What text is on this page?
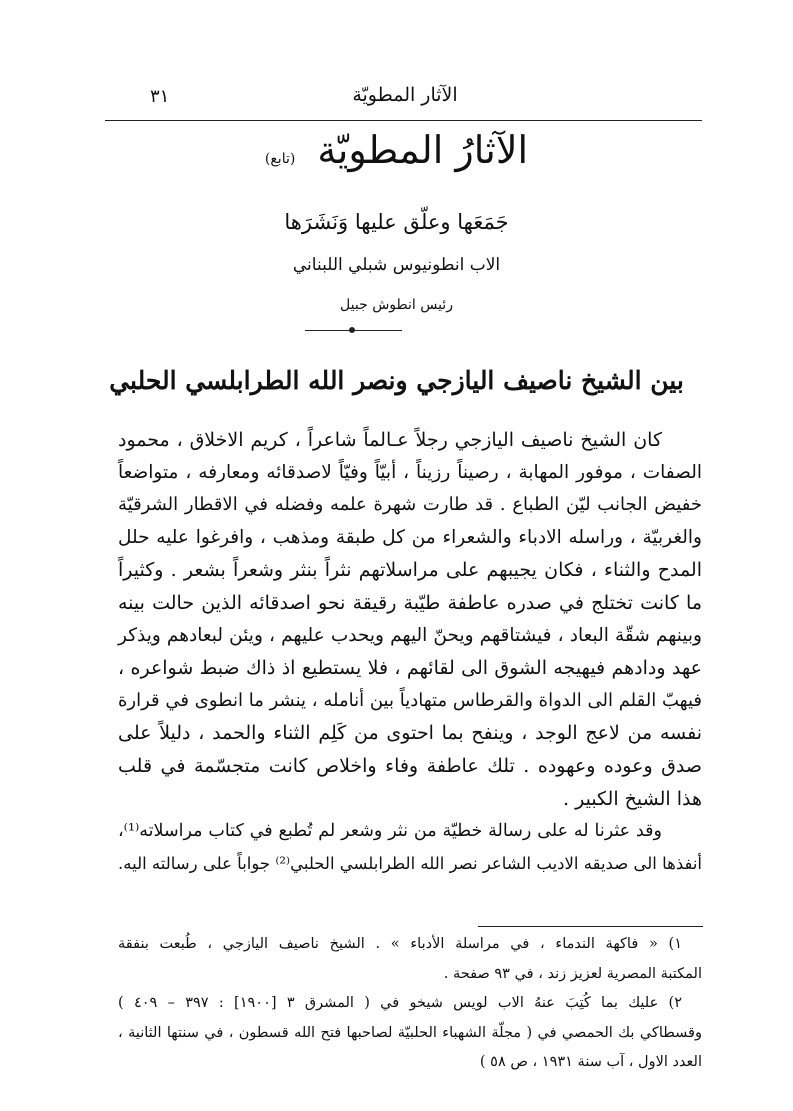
الآثار المطويّة
٣١
الآثارُ المطويّة (تابع)
جَمَعَها وعلّق عليها وَنَشَرَها
الاب انطونيوس شبلي اللبناني
رئيس انطوش جبيل
بين الشيخ ناصيف اليازجي ونصر الله الطرابلسي الحلبي
كان الشيخ ناصيف اليازجي رجلاً عـالماً شاعراً ، كريم الاخلاق ، محمود
الصفات ، موفور المهابة ، رصيناً رزيناً ، أبيّاً وفيّاً لاصدقائه ومعارفه ، متواضعاً
خفيض الجانب ليّن الطباع . قد طارت شهرة علمه وفضله في الاقطار الشرقيّة
والغربيّة ، وراسله الادباء والشعراء من كل طبقة ومذهب ، وافرغوا عليه حلل
المدح والثناء ، فكان يجيبهم على مراسلاتهم نثراً بنثر وشعراً بشعر . وكثيراً
ما كانت تختلج في صدره عاطفة طيّبة رقيقة نحو اصدقائه الذين حالت بينه
وبينهم شقّة البعاد ، فيشتاقهم ويحنّ اليهم ويحدب عليهم ، ويئن لبعادهم ويذكر
عهد ودادهم فيهيجه الشوق الى لقائهم ، فلا يستطيع اذ ذاك ضبط شواعره ،
فيهبّ القلم الى الدواة والقرطاس متهادياً بين أنامله ، ينشر ما انطوى في قرارة
نفسه من لاعج الوجد ، وينفح بما احتوى من كَلِم الثناء والحمد ، دليلاً على
صدق وعوده وعهوده . تلك عاطفة وفاء واخلاص كانت متجسّمة في قلب
هذا الشيخ الكبير .
وقد عثرنا له على رسالة خطيّة من نثر وشعر لم تُطبع في كتاب مراسلاته⁽¹⁾،
أنفذها الى صديقه الاديب الشاعر نصر الله الطرابلسي الحلبي⁽²⁾ جواباً على رسالته اليه.
١) « فاكهة الندماء ، في مراسلة الأدباء » . الشيخ ناصيف اليازجي ، طُبعت بنفقة
المكتبة المصرية لعزيز زند ، في ٩٣ صفحة .
٢) عليك بما كُتِبَ عنهُ الاب لويس شيخو في ( المشرق ٣ [١٩٠٠] : ٣٩٧ – ٤٠٩ )
وقسطاكي بك الحمصي في ( مجلّة الشهباء الحلبيّة لصاحبها فتح الله قسطون ، في سنتها الثانية ،
العدد الاول ، آب سنة ١٩٣١ ، ص ٥٨ )
